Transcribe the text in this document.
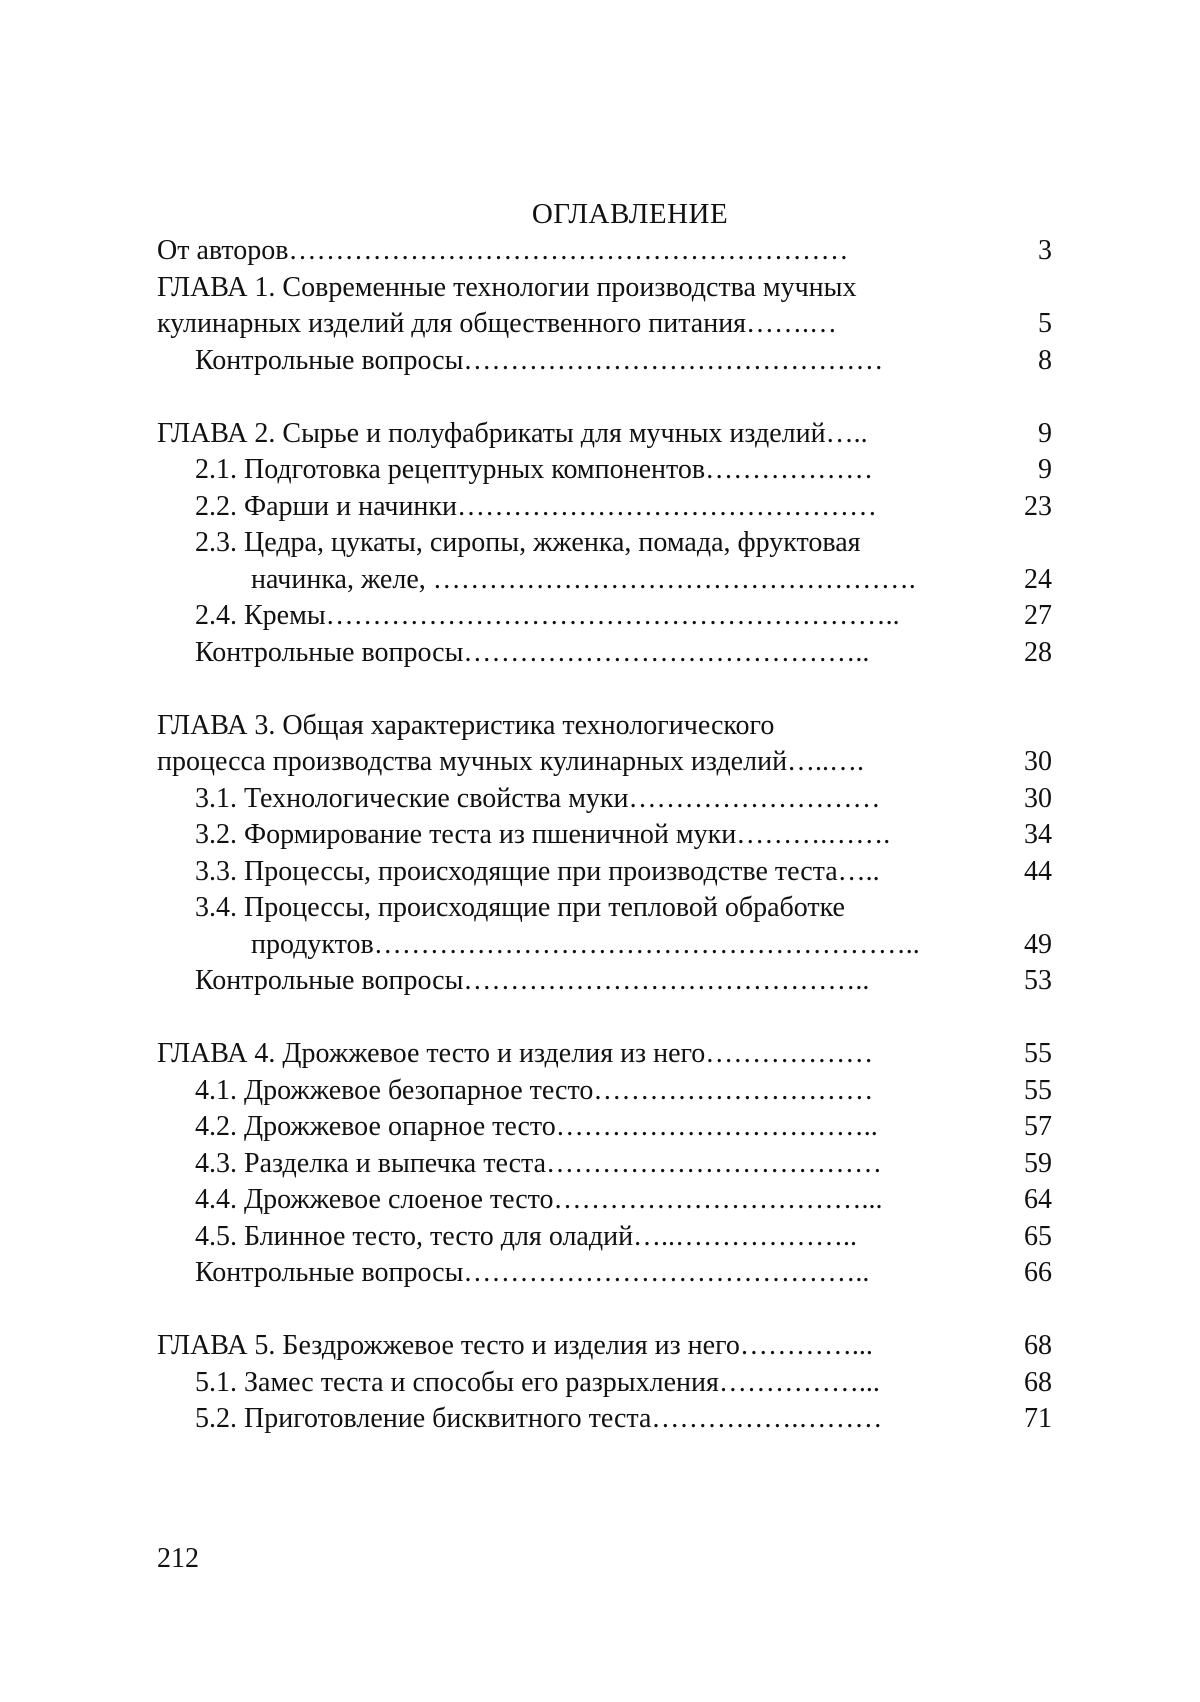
ОГЛАВЛЕНИЕ
От авторов……………………………………………………	3
ГЛАВА 1. Современные технологии производства мучных
кулинарных изделий для общественного питания…….…	5
Контрольные вопросы………………………………………	8
ГЛАВА 2. Сырье и полуфабрикаты для мучных изделий…..	9
2.1. Подготовка рецептурных компонентов………………	9
2.2. Фарши и начинки………………………………………	23
2.3. Цедра, цукаты, сиропы, жженка, помада, фруктовая
начинка, желе, …………………………………………….	24
2.4. Кремы……………………………………………………..	27
Контрольные вопросы……………………………………..	28
ГЛАВА 3. Общая характеристика технологического
процесса производства мучных кулинарных изделий…..….	30
3.1. Технологические свойства муки………………………	30
3.2. Формирование теста из пшеничной муки……….…….	34
3.3. Процессы, происходящие при производстве теста…..	44
3.4. Процессы, происходящие при тепловой обработке
продуктов…………………………………………………..	49
Контрольные вопросы……………………………………..	53
ГЛАВА 4. Дрожжевое тесто и изделия из него………………	55
4.1. Дрожжевое безопарное тесто…………………………	55
4.2. Дрожжевое опарное тесто……………………………..	57
4.3. Разделка и выпечка теста………………………………	59
4.4. Дрожжевое слоеное тесто……………………………...	64
4.5. Блинное тесто, тесто для оладий…..………………..	65
Контрольные вопросы……………………………………..	66
ГЛАВА 5. Бездрожжевое тесто и изделия из него…………...	68
5.1. Замес теста и способы его разрыхления……………...	68
5.2. Приготовление бисквитного теста…………….………	71
212
